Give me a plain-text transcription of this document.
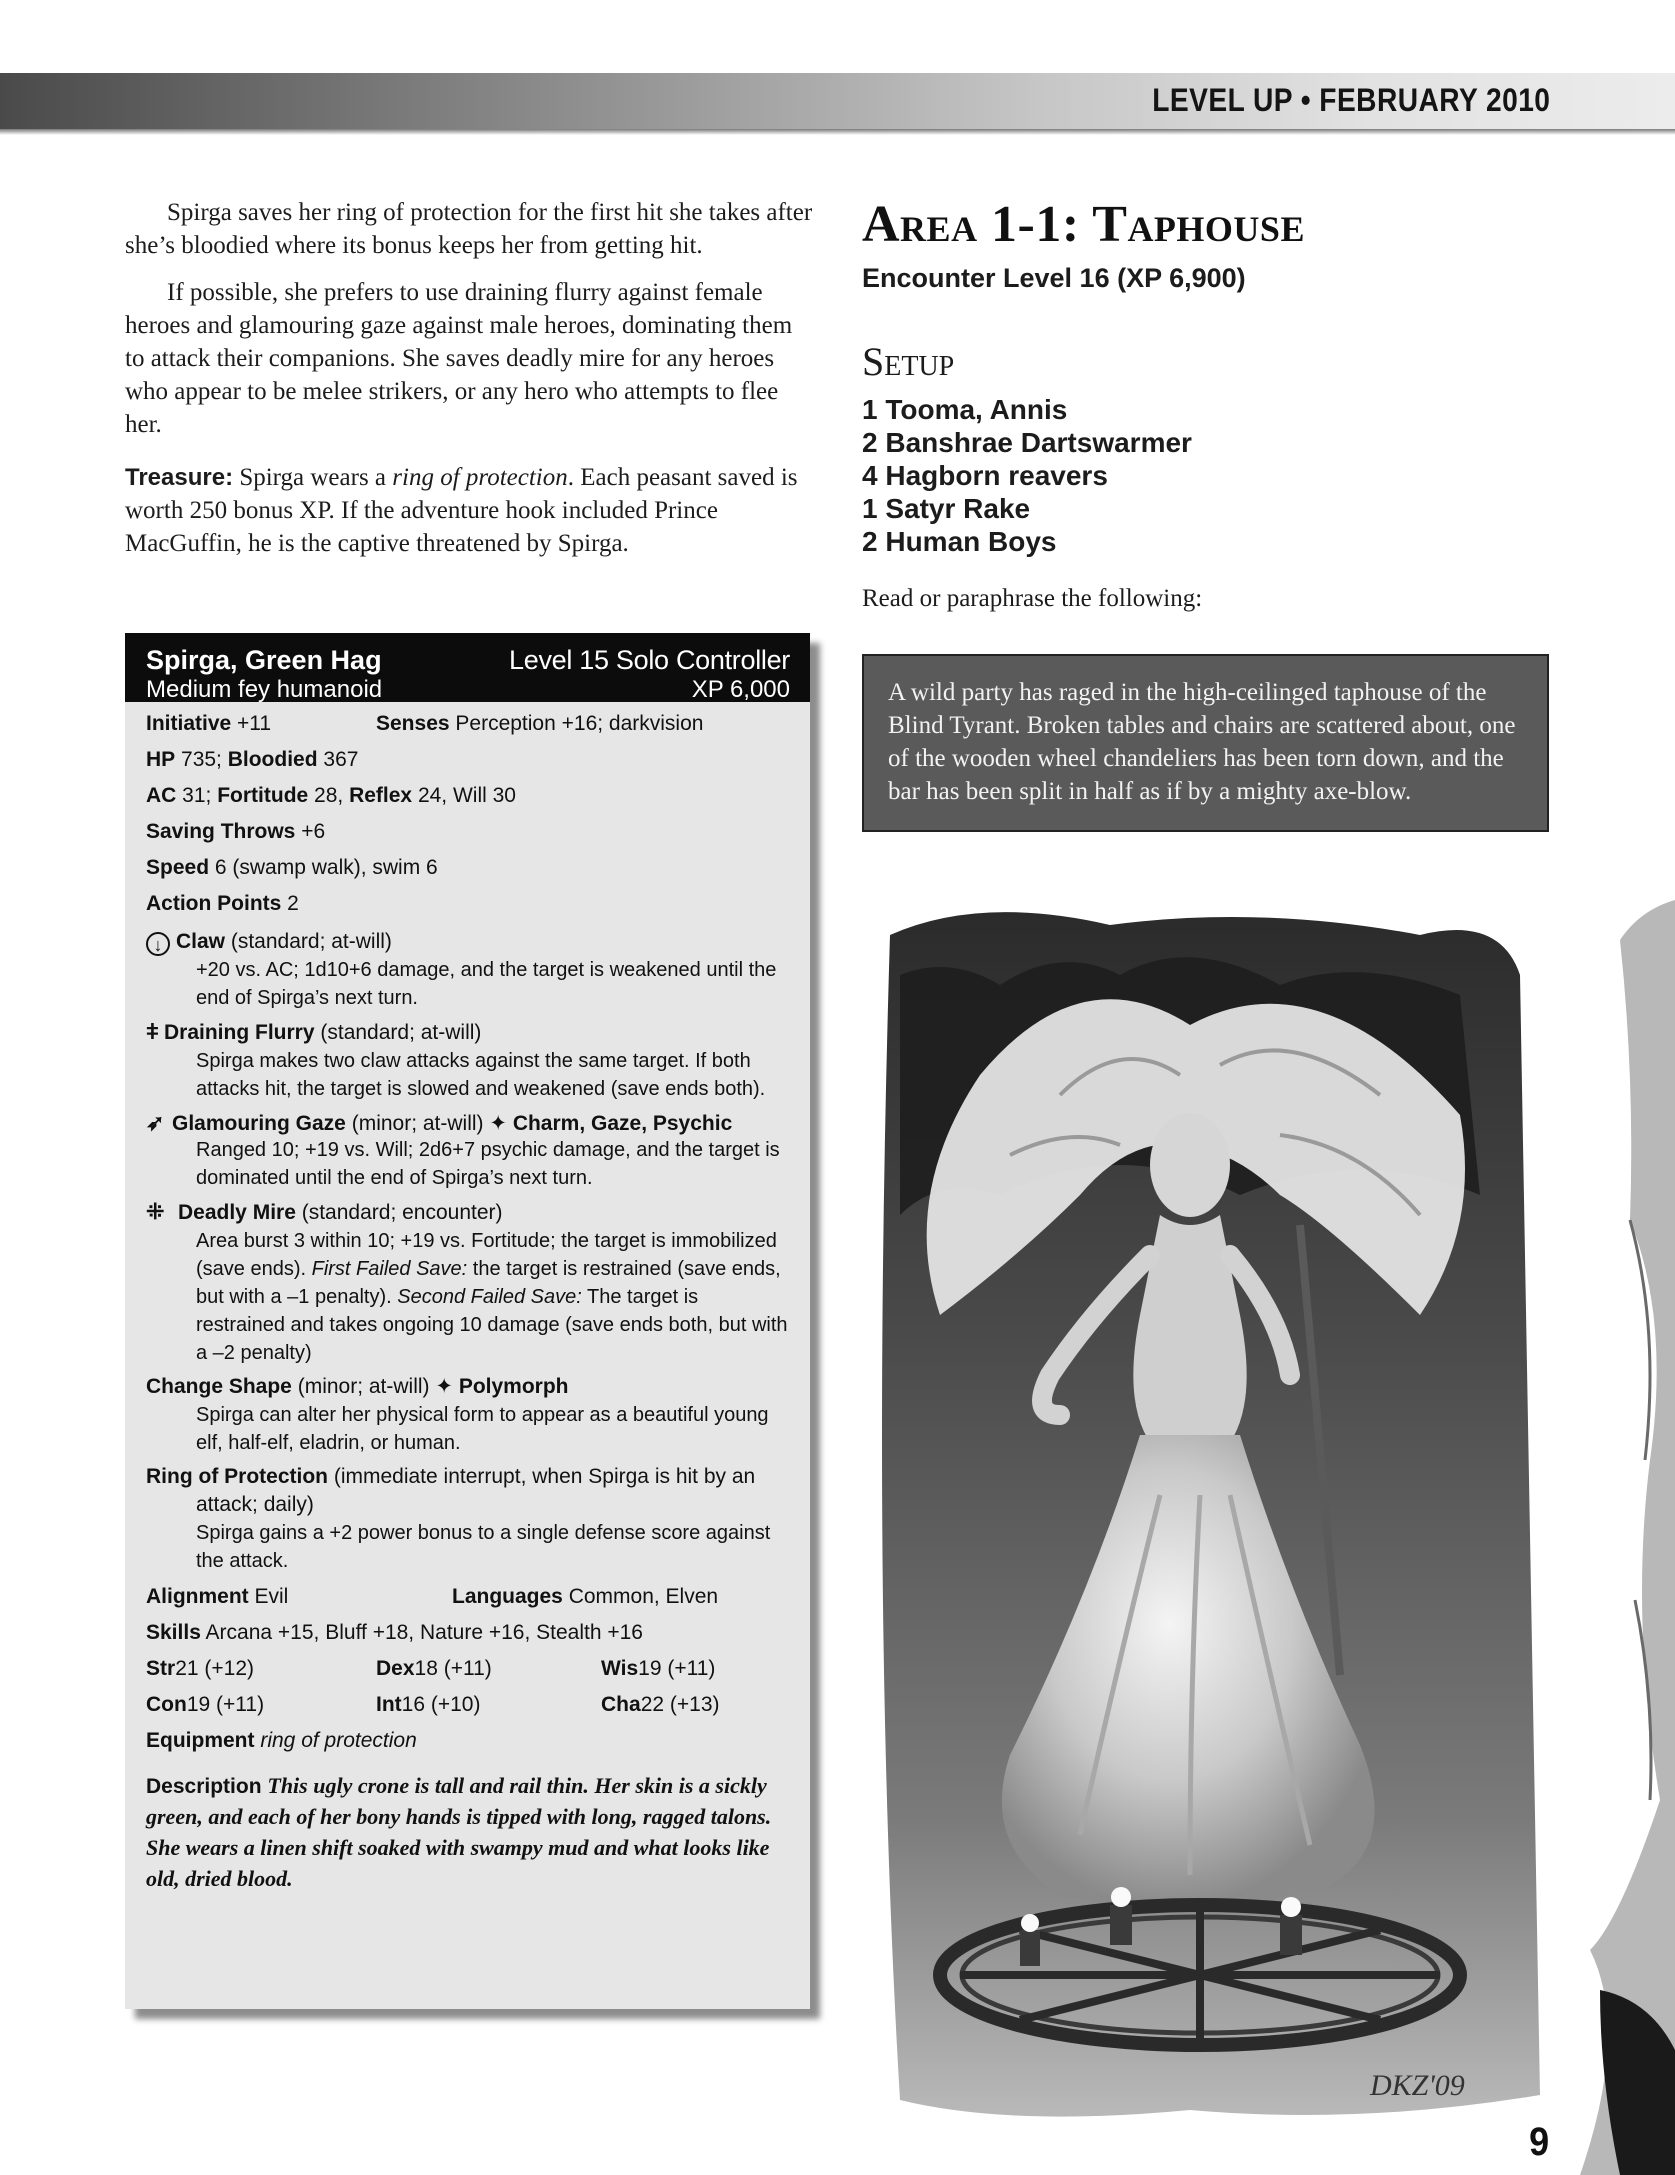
LEVEL UP • FEBRUARY 2010

Spirga saves her ring of protection for the first hit she takes after she’s bloodied where its bonus keeps her from getting hit.

If possible, she prefers to use draining flurry against female heroes and glamouring gaze against male heroes, dominating them to attack their companions. She saves deadly mire for any heroes who appear to be melee strikers, or any hero who attempts to flee her.

Treasure: Spirga wears a ring of protection. Each peasant saved is worth 250 bonus XP. If the adventure hook included Prince MacGuffin, he is the captive threatened by Spirga.

Spirga, Green Hag	Level 15 Solo Controller
Medium fey humanoid	XP 6,000
Initiative +11	Senses Perception +16; darkvision
HP 735; Bloodied 367
AC 31; Fortitude 28, Reflex 24, Will 30
Saving Throws +6
Speed 6 (swamp walk), swim 6
Action Points 2
↓ Claw (standard; at-will)
+20 vs. AC; 1d10+6 damage, and the target is weakened until the end of Spirga’s next turn.
ǂ Draining Flurry (standard; at-will)
Spirga makes two claw attacks against the same target. If both attacks hit, the target is slowed and weakened (save ends both).
➶ Glamouring Gaze (minor; at-will) ✦ Charm, Gaze, Psychic
Ranged 10; +19 vs. Will; 2d6+7 psychic damage, and the target is dominated until the end of Spirga’s next turn.
⁜ Deadly Mire (standard; encounter)
Area burst 3 within 10; +19 vs. Fortitude; the target is immobilized (save ends). First Failed Save: the target is restrained (save ends, but with a –1 penalty). Second Failed Save: The target is restrained and takes ongoing 10 damage (save ends both, but with a –2 penalty)
Change Shape (minor; at-will) ✦ Polymorph
Spirga can alter her physical form to appear as a beautiful young elf, half-elf, eladrin, or human.
Ring of Protection (immediate interrupt, when Spirga is hit by an attack; daily)
Spirga gains a +2 power bonus to a single defense score against the attack.
Alignment Evil	Languages Common, Elven
Skills Arcana +15, Bluff +18, Nature +16, Stealth +16
Str21 (+12)	Dex18 (+11)	Wis19 (+11)
Con19 (+11)	Int16 (+10)	Cha22 (+13)
Equipment ring of protection
Description This ugly crone is tall and rail thin. Her skin is a sickly green, and each of her bony hands is tipped with long, ragged talons. She wears a linen shift soaked with swampy mud and what looks like old, dried blood.
Area 1-1: Taphouse
Encounter Level 16 (XP 6,900)
Setup
1 Tooma, Annis
2 Banshrae Dartswarmer
4 Hagborn reavers
1 Satyr Rake
2 Human Boys
Read or paraphrase the following:
A wild party has raged in the high-ceilinged taphouse of the Blind Tyrant. Broken tables and chairs are scattered about, one of the wooden wheel chandeliers has been torn down, and the bar has been split in half as if by a mighty axe-blow.
DKZ'09
9
